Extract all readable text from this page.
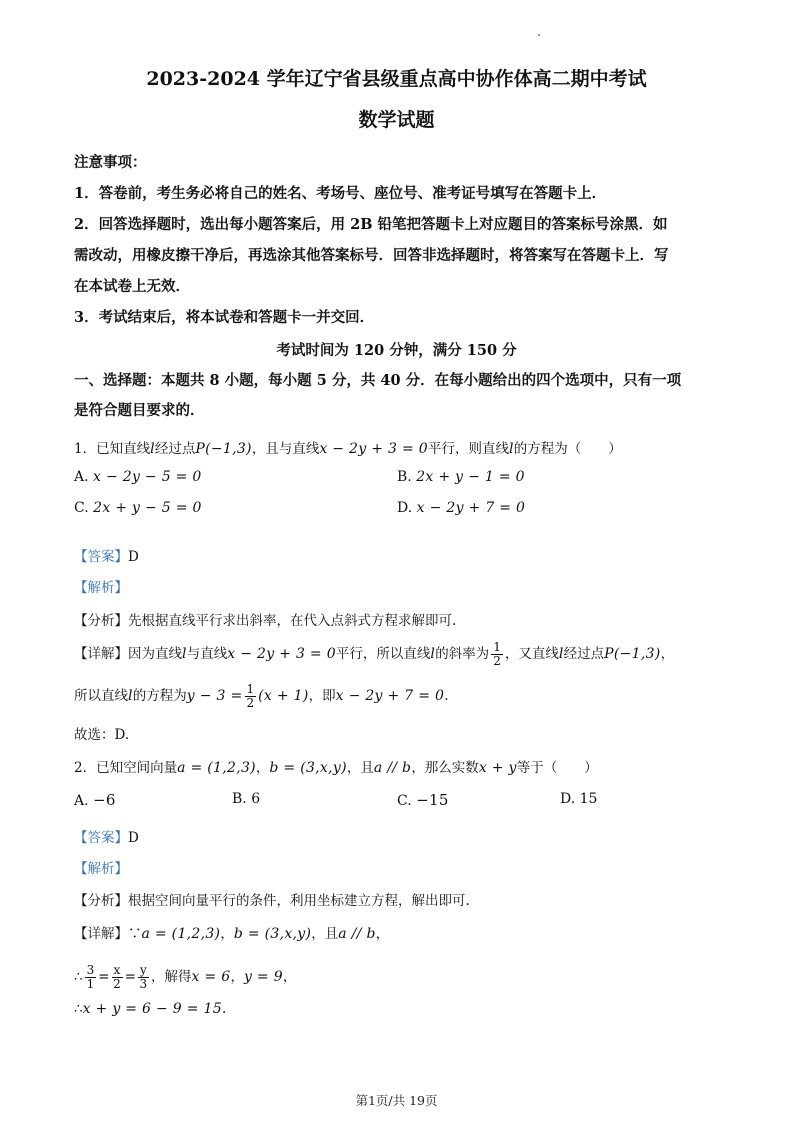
2023-2024 学年辽宁省县级重点高中协作体高二期中考试
数学试题
注意事项：
1．答卷前，考生务必将自己的姓名、考场号、座位号、准考证号填写在答题卡上．
2．回答选择题时，选出每小题答案后，用 2B 铅笔把答题卡上对应题目的答案标号涂黑．如
需改动，用橡皮擦干净后，再选涂其他答案标号．回答非选择题时，将答案写在答题卡上．写
在本试卷上无效．
3．考试结束后，将本试卷和答题卡一并交回．
考试时间为 120 分钟，满分 150 分
一、选择题：本题共 8 小题，每小题 5 分，共 40 分．在每小题给出的四个选项中，只有一项
是符合题目要求的．
1．已知直线l经过点P(−1,3)，且与直线x − 2y + 3 = 0平行，则直线l的方程为（　　）
A. x − 2y − 5 = 0	B. 2x + y − 1 = 0
C. 2x + y − 5 = 0	D. x − 2y + 7 = 0
【答案】D
【解析】
【分析】先根据直线平行求出斜率，在代入点斜式方程求解即可.
【详解】因为直线l与直线x − 2y + 3 = 0平行，所以直线l的斜率为 $\frac{1}{2}$ ，又直线l经过点P(−1,3)，
所以直线l的方程为$y - 3 = \frac{1}{2} (x + 1)$，即x − 2y + 7 = 0.
故选：D.
2．已知空间向量a = (1,2,3)，b = (3,x,y)，且a // b，那么实数x + y等于（　　）
A. −6	B. 6	C. −15	D. 15
【答案】D
【解析】
【分析】根据空间向量平行的条件，利用坐标建立方程，解出即可.
【详解】∵a = (1,2,3)，b = (3,x,y)，且a // b，
∴ $\frac{3}{1} = \frac{x}{2} = \frac{y}{3}$ ，解得x = 6，y = 9，
∴x + y = 6 − 9 = 15.
第1页/共 19页
